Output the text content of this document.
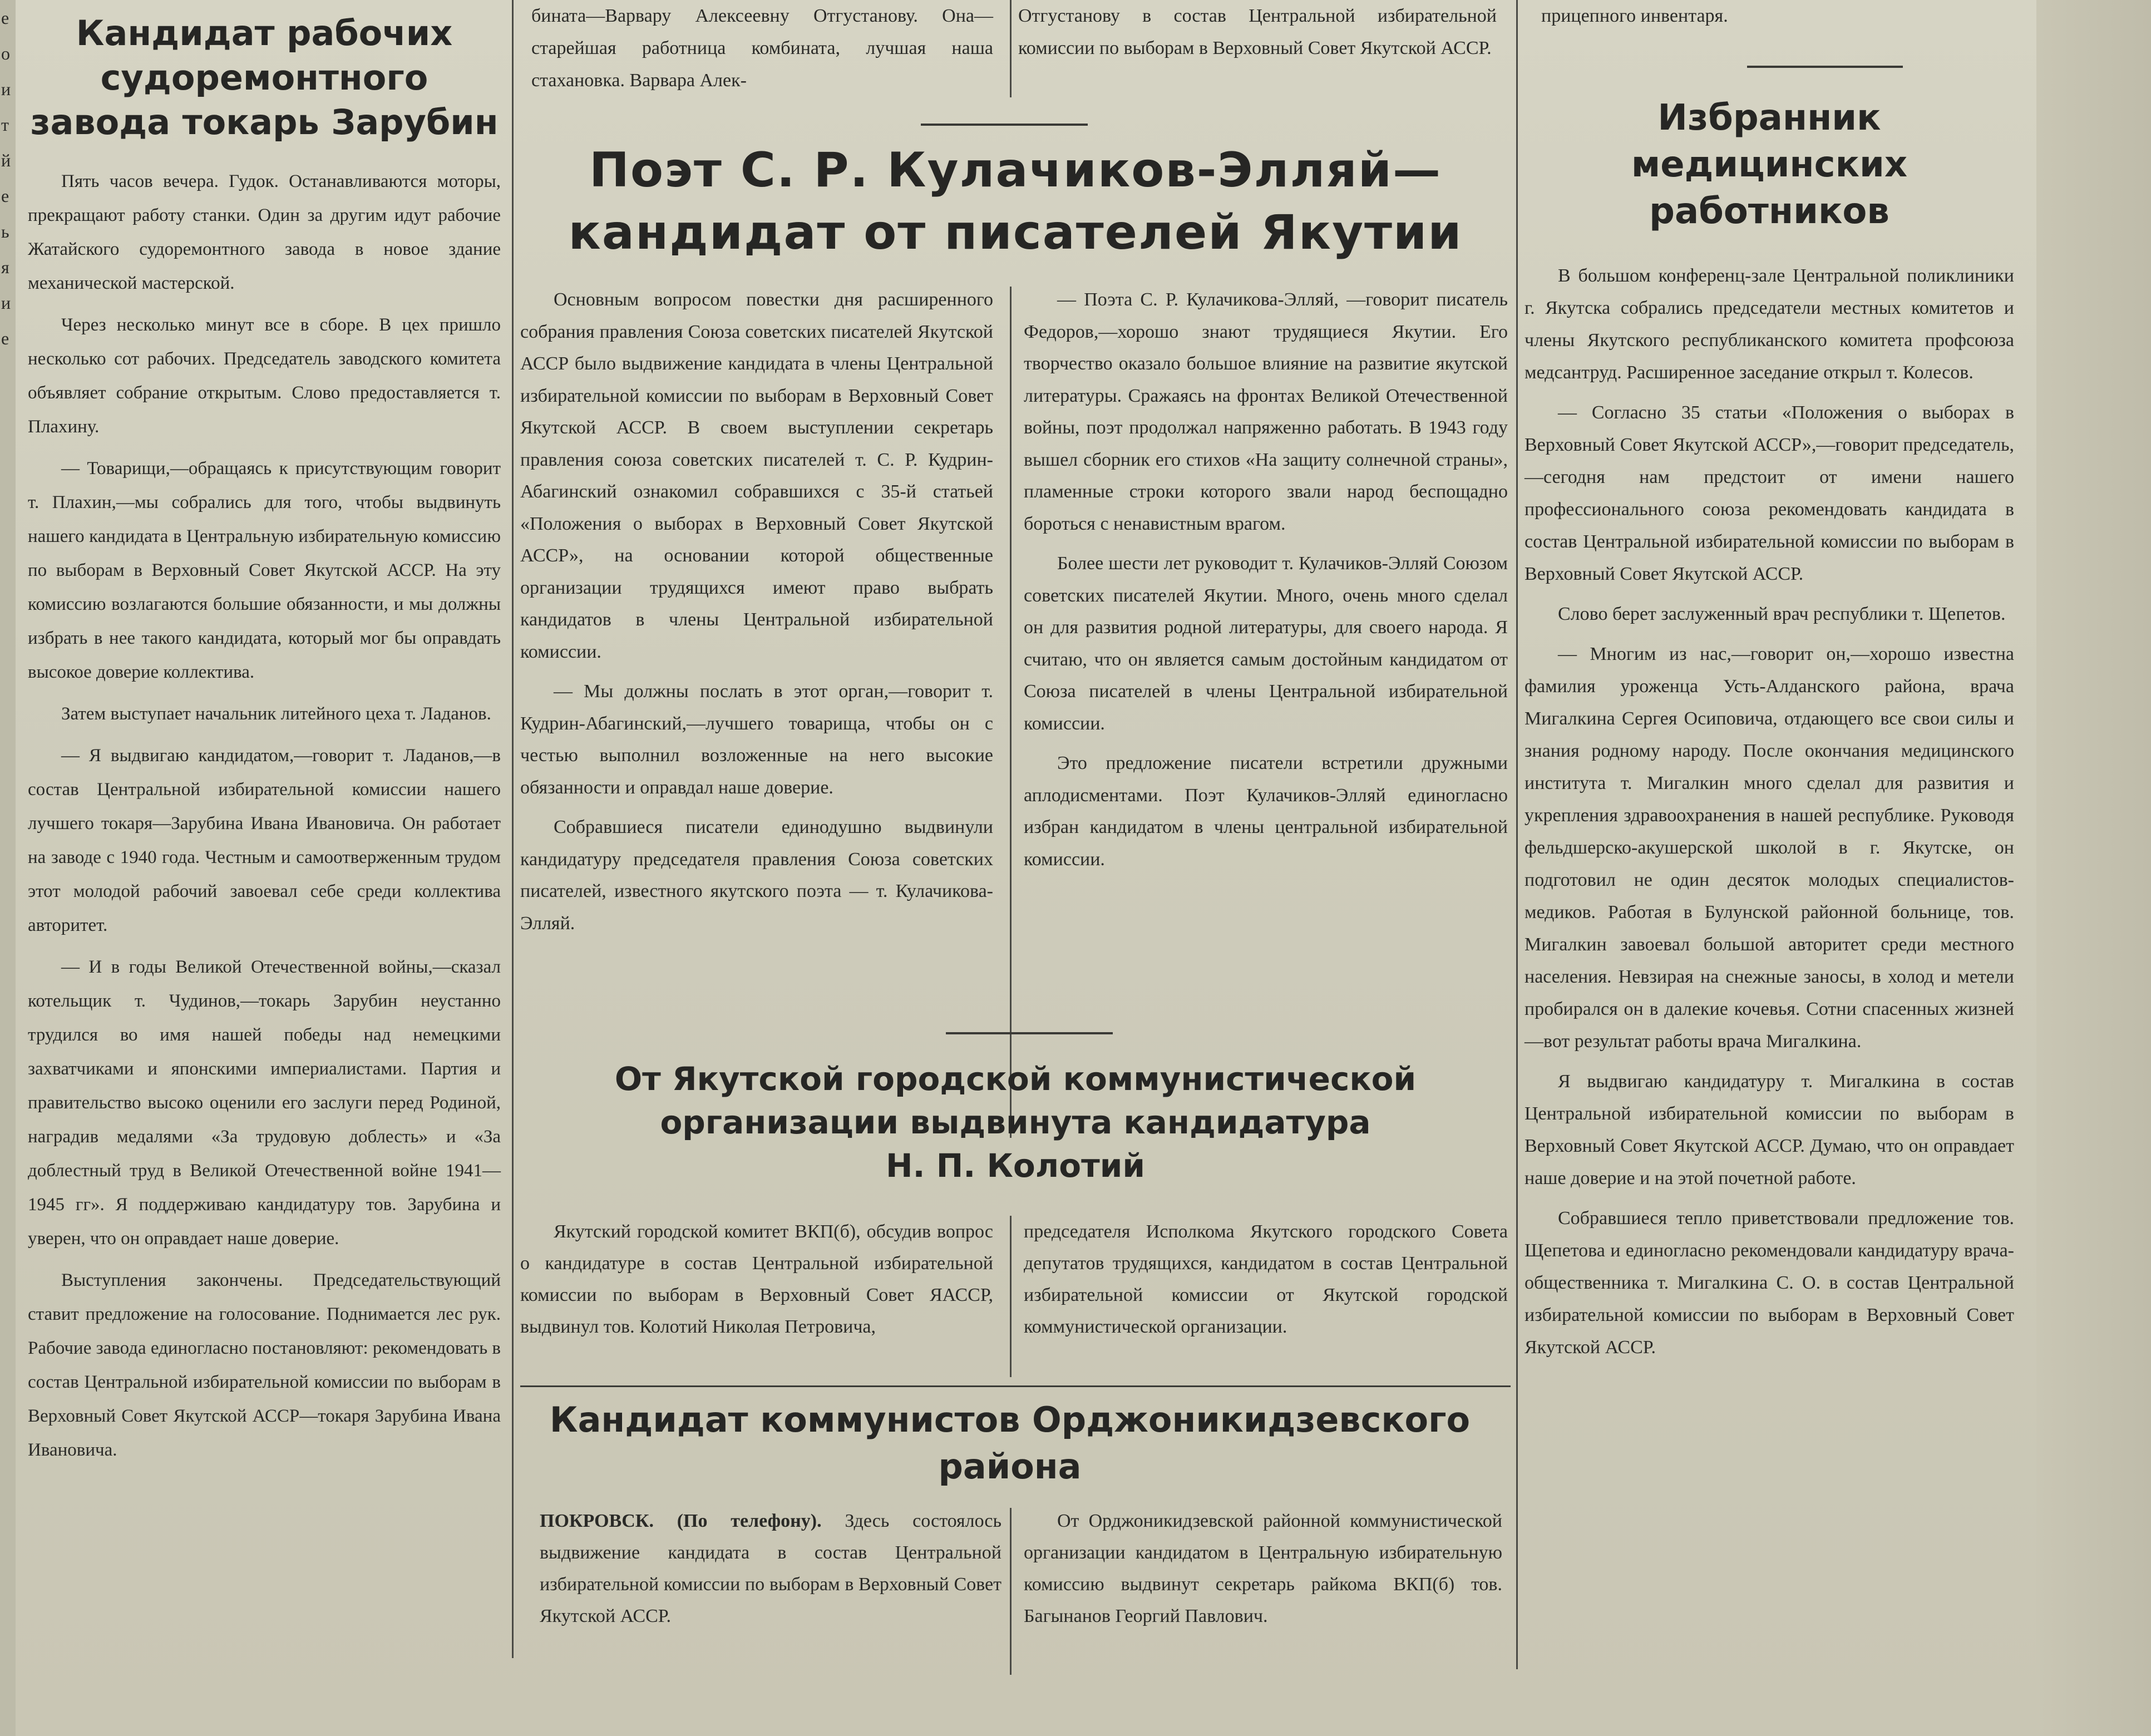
е
о
и
т
й
е
ь
я
и
е
Кандидат рабочих судоремонтного завода токарь Зарубин

Пять часов вечера. Гудок. Останавливаются моторы, прекращают работу станки. Один за другим идут рабочие Жатайского судоремонтного завода в новое здание механической мастерской.

Через несколько минут все в сборе. В цех пришло несколько сот рабочих. Председатель заводского комитета объявляет собрание открытым. Слово предоставляется т. Плахину.

— Товарищи,—обращаясь к присутствующим говорит т. Плахин,—мы собрались для того, чтобы выдвинуть нашего кандидата в Центральную избирательную комиссию по выборам в Верховный Совет Якутской АССР. На эту комиссию возлагаются большие обязанности, и мы должны избрать в нее такого кандидата, который мог бы оправдать высокое доверие коллектива.

Затем выступает начальник литейного цеха т. Ладанов.

— Я выдвигаю кандидатом,—говорит т. Ладанов,—в состав Центральной избирательной комиссии нашего лучшего токаря—Зарубина Ивана Ивановича. Он работает на заводе с 1940 года. Честным и самоотверженным трудом этот молодой рабочий завоевал себе среди коллектива авторитет.

— И в годы Великой Отечественной войны,—сказал котельщик т. Чудинов,—токарь Зарубин неустанно трудился во имя нашей победы над немецкими захватчиками и японскими империалистами. Партия и правительство высоко оценили его заслуги перед Родиной, наградив медалями «За трудовую доблесть» и «За доблестный труд в Великой Отечественной войне 1941—1945 гг». Я поддерживаю кандидатуру тов. Зарубина и уверен, что он оправдает наше доверие.

Выступления закончены. Председательствующий ставит предложение на голосование. Поднимается лес рук. Рабочие завода единогласно постановляют: рекомендовать в состав Центральной избирательной комиссии по выборам в Верховный Совет Якутской АССР—токаря Зарубина Ивана Ивановича.

бината—Варвару Алексеевну Отгустанову. Она—старейшая работница комбината, лучшая наша стахановка. Варвара Алек-
Отгустанову в состав Центральной избирательной комиссии по выборам в Верховный Совет Якутской АССР.
прицепного инвентаря.
Поэт С. Р. Кулачиков-Элляй—
кандидат от писателей Якутии

Основным вопросом повестки дня расширенного собрания правления Союза советских писателей Якутской АССР было выдвижение кандидата в члены Центральной избирательной комиссии по выборам в Верховный Совет Якутской АССР. В своем выступлении секретарь правления союза советских писателей т. С. Р. Кудрин-Абагинский ознакомил собравшихся с 35-й статьей «Положения о выборах в Верховный Совет Якутской АССР», на основании которой общественные организации трудящихся имеют право выбрать кандидатов в члены Центральной избирательной комиссии.

— Мы должны послать в этот орган,—говорит т. Кудрин-Абагинский,—лучшего товарища, чтобы он с честью выполнил возложенные на него высокие обязанности и оправдал наше доверие.

Собравшиеся писатели единодушно выдвинули кандидатуру председателя правления Союза советских писателей, известного якутского поэта — т. Кулачикова-Элляй.

— Поэта С. Р. Кулачикова-Элляй, —говорит писатель Федоров,—хорошо знают трудящиеся Якутии. Его творчество оказало большое влияние на развитие якутской литературы. Сражаясь на фронтах Великой Отечественной войны, поэт продолжал напряженно работать. В 1943 году вышел сборник его стихов «На защиту солнечной страны», пламенные строки которого звали народ беспощадно бороться с ненавистным врагом.

Более шести лет руководит т. Кулачиков-Элляй Союзом советских писателей Якутии. Много, очень много сделал он для развития родной литературы, для своего народа. Я считаю, что он является самым достойным кандидатом от Союза писателей в члены Центральной избирательной комиссии.

Это предложение писатели встретили дружными аплодисментами. Поэт Кулачиков-Элляй единогласно избран кандидатом в члены центральной избирательной комиссии.

От Якутской городской коммунистической
организации выдвинута кандидатура
Н. П. Колотий

Якутский городской комитет ВКП(б), обсудив вопрос о кандидатуре в состав Центральной избирательной комиссии по выборам в Верховный Совет ЯАССР, выдвинул тов. Колотий Николая Петровича,

председателя Исполкома Якутского городского Совета депутатов трудящихся, кандидатом в состав Центральной избирательной комиссии от Якутской городской коммунистической организации.

Кандидат коммунистов Орджоникидзевского
района
ПОКРОВСК. (По телефону). Здесь состоялось выдвижение кандидата в состав Центральной избирательной комиссии по выборам в Верховный Совет Якутской АССР.

От Орджоникидзевской районной коммунистической организации кандидатом в Центральную избирательную комиссию выдвинут секретарь райкома ВКП(б) тов. Багынанов Георгий Павлович.

Избранник медицинских
работников

В большом конференц-зале Центральной поликлиники г. Якутска собрались председатели местных комитетов и члены Якутского республиканского комитета профсоюза медсантруд. Расширенное заседание открыл т. Колесов.

— Согласно 35 статьи «Положения о выборах в Верховный Совет Якутской АССР»,—говорит председатель,—сегодня нам предстоит от имени нашего профессионального союза рекомендовать кандидата в состав Центральной избирательной комиссии по выборам в Верховный Совет Якутской АССР.

Слово берет заслуженный врач республики т. Щепетов.

— Многим из нас,—говорит он,—хорошо известна фамилия уроженца Усть-Алданского района, врача Мигалкина Сергея Осиповича, отдающего все свои силы и знания родному народу. После окончания медицинского института т. Мигалкин много сделал для развития и укрепления здравоохранения в нашей республике. Руководя фельдшерско-акушерской школой в г. Якутске, он подготовил не один десяток молодых специалистов-медиков. Работая в Булунской районной больнице, тов. Мигалкин завоевал большой авторитет среди местного населения. Невзирая на снежные заносы, в холод и метели пробирался он в далекие кочевья. Сотни спасенных жизней—вот результат работы врача Мигалкина.

Я выдвигаю кандидатуру т. Мигалкина в состав Центральной избирательной комиссии по выборам в Верховный Совет Якутской АССР. Думаю, что он оправдает наше доверие и на этой почетной работе.

Собравшиеся тепло приветствовали предложение тов. Щепетова и единогласно рекомендовали кандидатуру врача-общественника т. Мигалкина С. О. в состав Центральной избирательной комиссии по выборам в Верховный Совет Якутской АССР.
